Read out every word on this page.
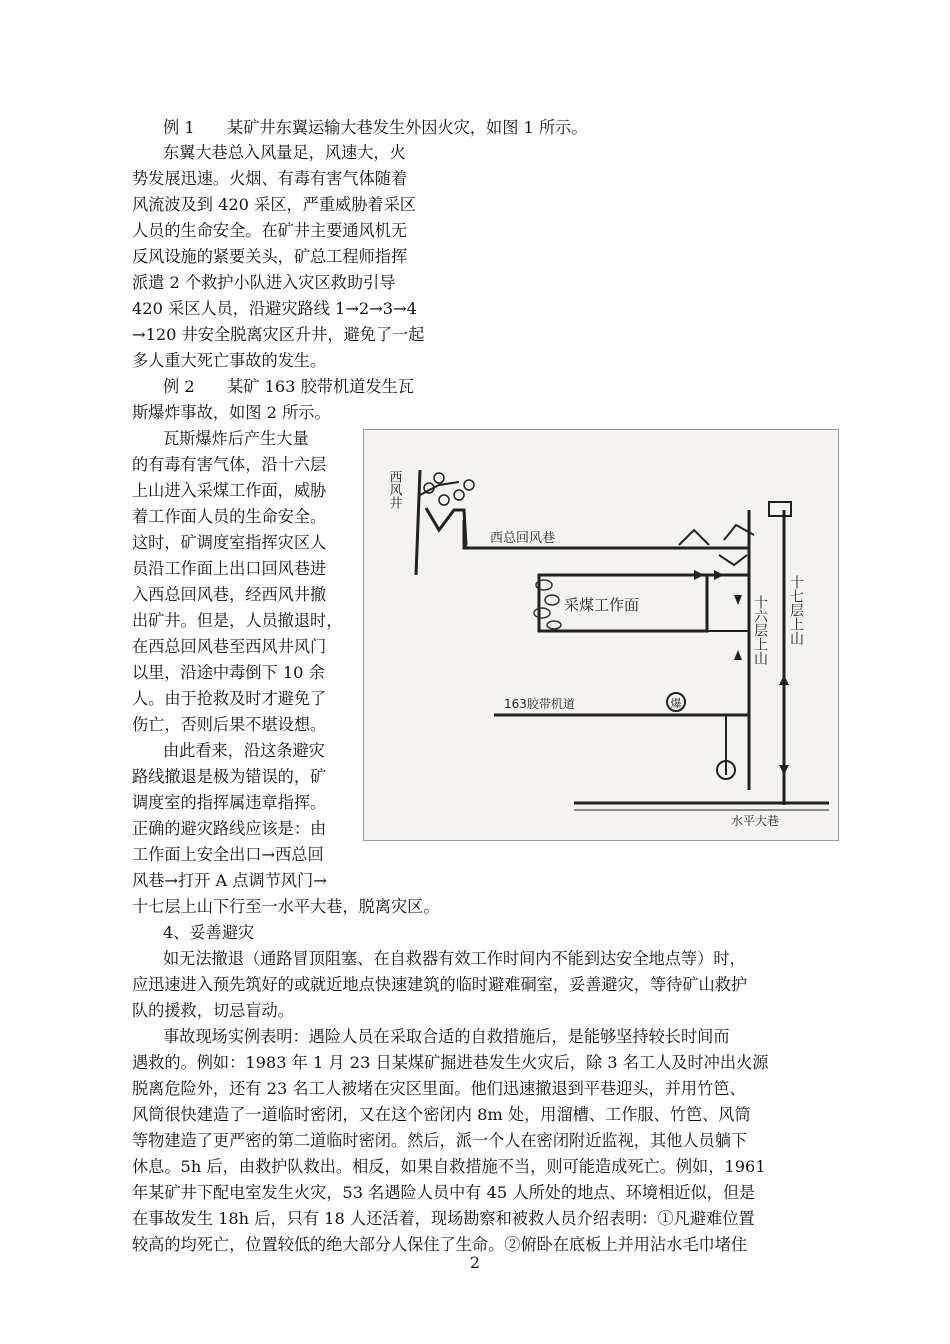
例 1　　某矿井东翼运输大巷发生外因火灾，如图 1 所示。
东翼大巷总入风量足，风速大，火
势发展迅速。火烟、有毒有害气体随着
风流波及到 420 采区，严重威胁着采区
人员的生命安全。在矿井主要通风机无
反风设施的紧要关头，矿总工程师指挥
派遣 2 个救护小队进入灾区救助引导
420 采区人员，沿避灾路线 1→2→3→4
→120 井安全脱离灾区升井，避免了一起
多人重大死亡事故的发生。
例 2　　某矿 163 胶带机道发生瓦
斯爆炸事故，如图 2 所示。
瓦斯爆炸后产生大量
的有毒有害气体，沿十六层
上山进入采煤工作面，威胁
着工作面人员的生命安全。
这时，矿调度室指挥灾区人
员沿工作面上出口回风巷进
入西总回风巷，经西风井撤
出矿井。但是，人员撤退时，
在西总回风巷至西风井风门
以里，沿途中毒倒下 10 余
人。由于抢救及时才避免了
伤亡，否则后果不堪设想。
由此看来，沿这条避灾
路线撤退是极为错误的，矿
调度室的指挥属违章指挥。
正确的避灾路线应该是：由
工作面上安全出口→西总回
风巷→打开 A 点调节风门→
十七层上山下行至一水平大巷，脱离灾区。
4、妥善避灾
如无法撤退（通路冒顶阻塞、在自救器有效工作时间内不能到达安全地点等）时，
应迅速进入预先筑好的或就近地点快速建筑的临时避难硐室，妥善避灾，等待矿山救护
队的援救，切忌盲动。
事故现场实例表明：遇险人员在采取合适的自救措施后，是能够坚持较长时间而
遇救的。例如：1983 年 1 月 23 日某煤矿掘进巷发生火灾后，除 3 名工人及时冲出火源
脱离危险外，还有 23 名工人被堵在灾区里面。他们迅速撤退到平巷迎头，并用竹笆、
风筒很快建造了一道临时密闭，又在这个密闭内 8m 处，用溜槽、工作服、竹笆、风筒
等物建造了更严密的第二道临时密闭。然后，派一个人在密闭附近监视，其他人员躺下
休息。5h 后，由救护队救出。相反，如果自救措施不当，则可能造成死亡。例如，1961
年某矿井下配电室发生火灾，53 名遇险人员中有 45 人所处的地点、环境相近似，但是
在事故发生 18h 后，只有 18 人还活着，现场勘察和被救人员介绍表明：①凡避难位置
较高的均死亡，位置较低的绝大部分人保住了生命。②俯卧在底板上并用沾水毛巾堵住
爆
西风井
西总回风巷
采煤工作面
163胶带机道
十六层上山 十七层上山
水平大巷
2
